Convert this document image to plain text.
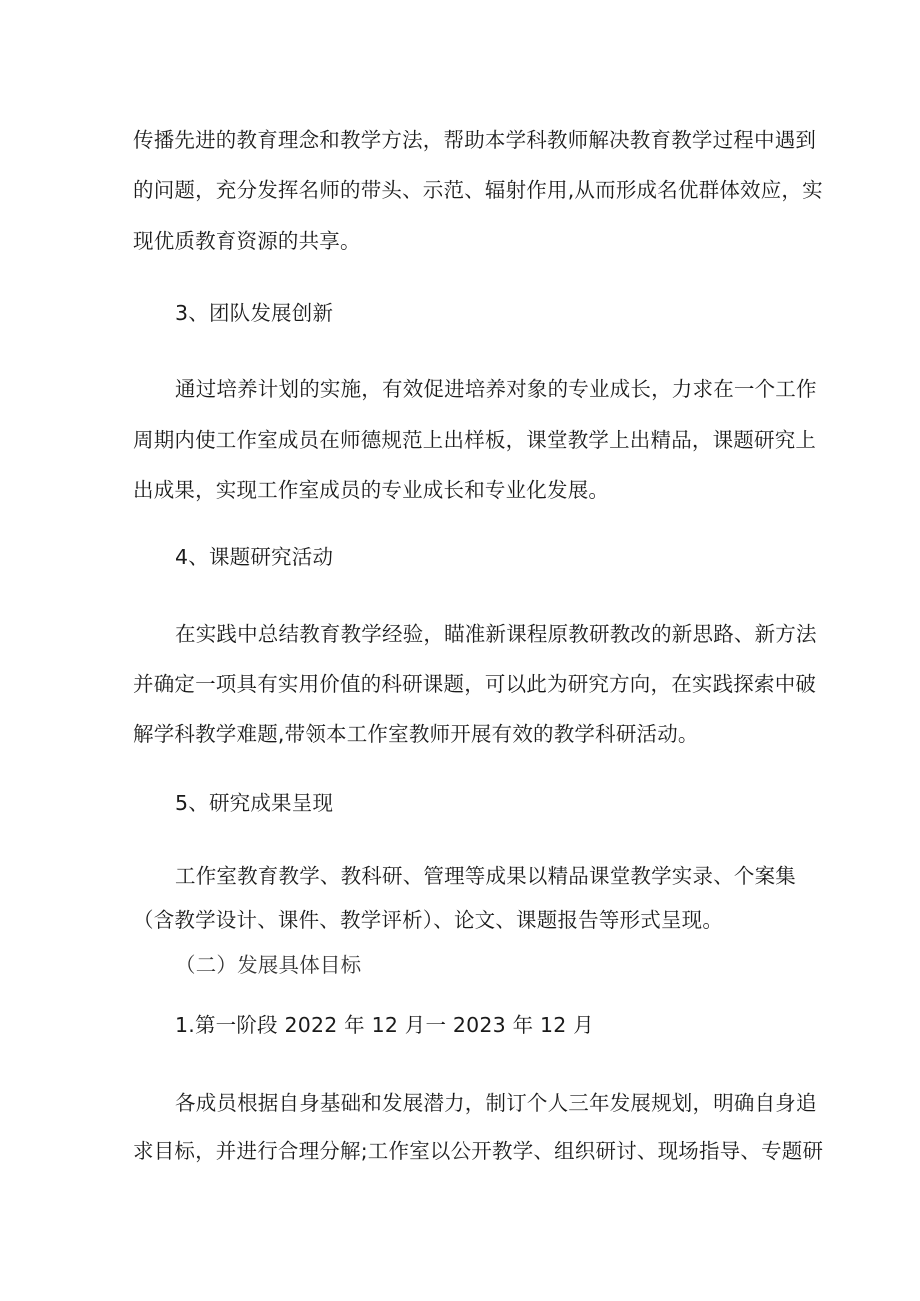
传播先进的教育理念和教学方法，帮助本学科教师解决教育教学过程中遇到
的问题，充分发挥名师的带头、示范、辐射作用,从而形成名优群体效应，实
现优质教育资源的共享。
3、团队发展创新
通过培养计划的实施，有效促进培养对象的专业成长，力求在一个工作
周期内使工作室成员在师德规范上出样板，课堂教学上出精品，课题研究上
出成果，实现工作室成员的专业成长和专业化发展。
4、课题研究活动
在实践中总结教育教学经验，瞄准新课程原教研教改的新思路、新方法
并确定一项具有实用价值的科研课题，可以此为研究方向，在实践探索中破
解学科教学难题,带领本工作室教师开展有效的教学科研活动。
5、研究成果呈现
工作室教育教学、教科研、管理等成果以精品课堂教学实录、个案集
（含教学设计、课件、教学评析）、论文、课题报告等形式呈现。
（二）发展具体目标
1.第一阶段 2022 年 12 月一 2023 年 12 月
各成员根据自身基础和发展潜力，制订个人三年发展规划，明确自身追
求目标，并进行合理分解;工作室以公开教学、组织研讨、现场指导、专题研
